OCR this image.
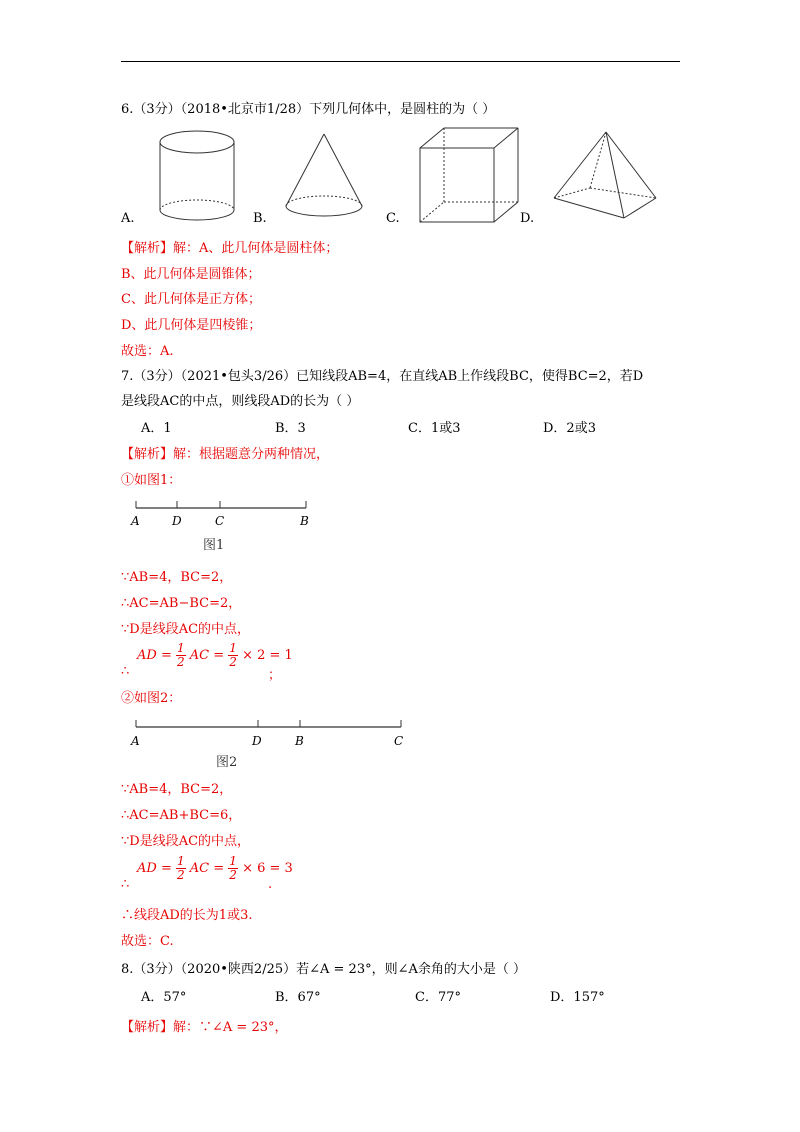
6.（3分）（2018•北京市1/28）下列几何体中，是圆柱的为（ ）
A.	B.	C.	D.
【解析】解：A、此几何体是圆柱体；
B、此几何体是圆锥体；
C、此几何体是正方体；
D、此几何体是四棱锥；
故选：A.
7.（3分）（2021•包头3/26）已知线段AB=4，在直线AB上作线段BC，使得BC=2，若D
是线段AC的中点，则线段AD的长为（ ）
A．1	B．3	C．1或3	D．2或3
【解析】解：根据题意分两种情况，
①如图1：
A	D	C	B
图1
∵AB=4，BC=2，
∴AC=AB−BC=2，
∵D是线段AC的中点，
AD = $\frac{1}{2}$ AC = $\frac{1}{2} \times 2 = 1$
∴	；
②如图2：
A	D	B	C
图2
∵AB=4，BC=2，
∴AC=AB+BC=6，
∵D是线段AC的中点，
AD = $\frac{1}{2}$ AC = $\frac{1}{2} \times 6 = 3$
∴	.
∴线段AD的长为1或3.
故选：C.
8.（3分）（2020•陕西2/25）若∠A = 23°，则∠A余角的大小是（ ）
A．57°	B．67°	C．77°	D．157°
【解析】解：∵∠A = 23°，
